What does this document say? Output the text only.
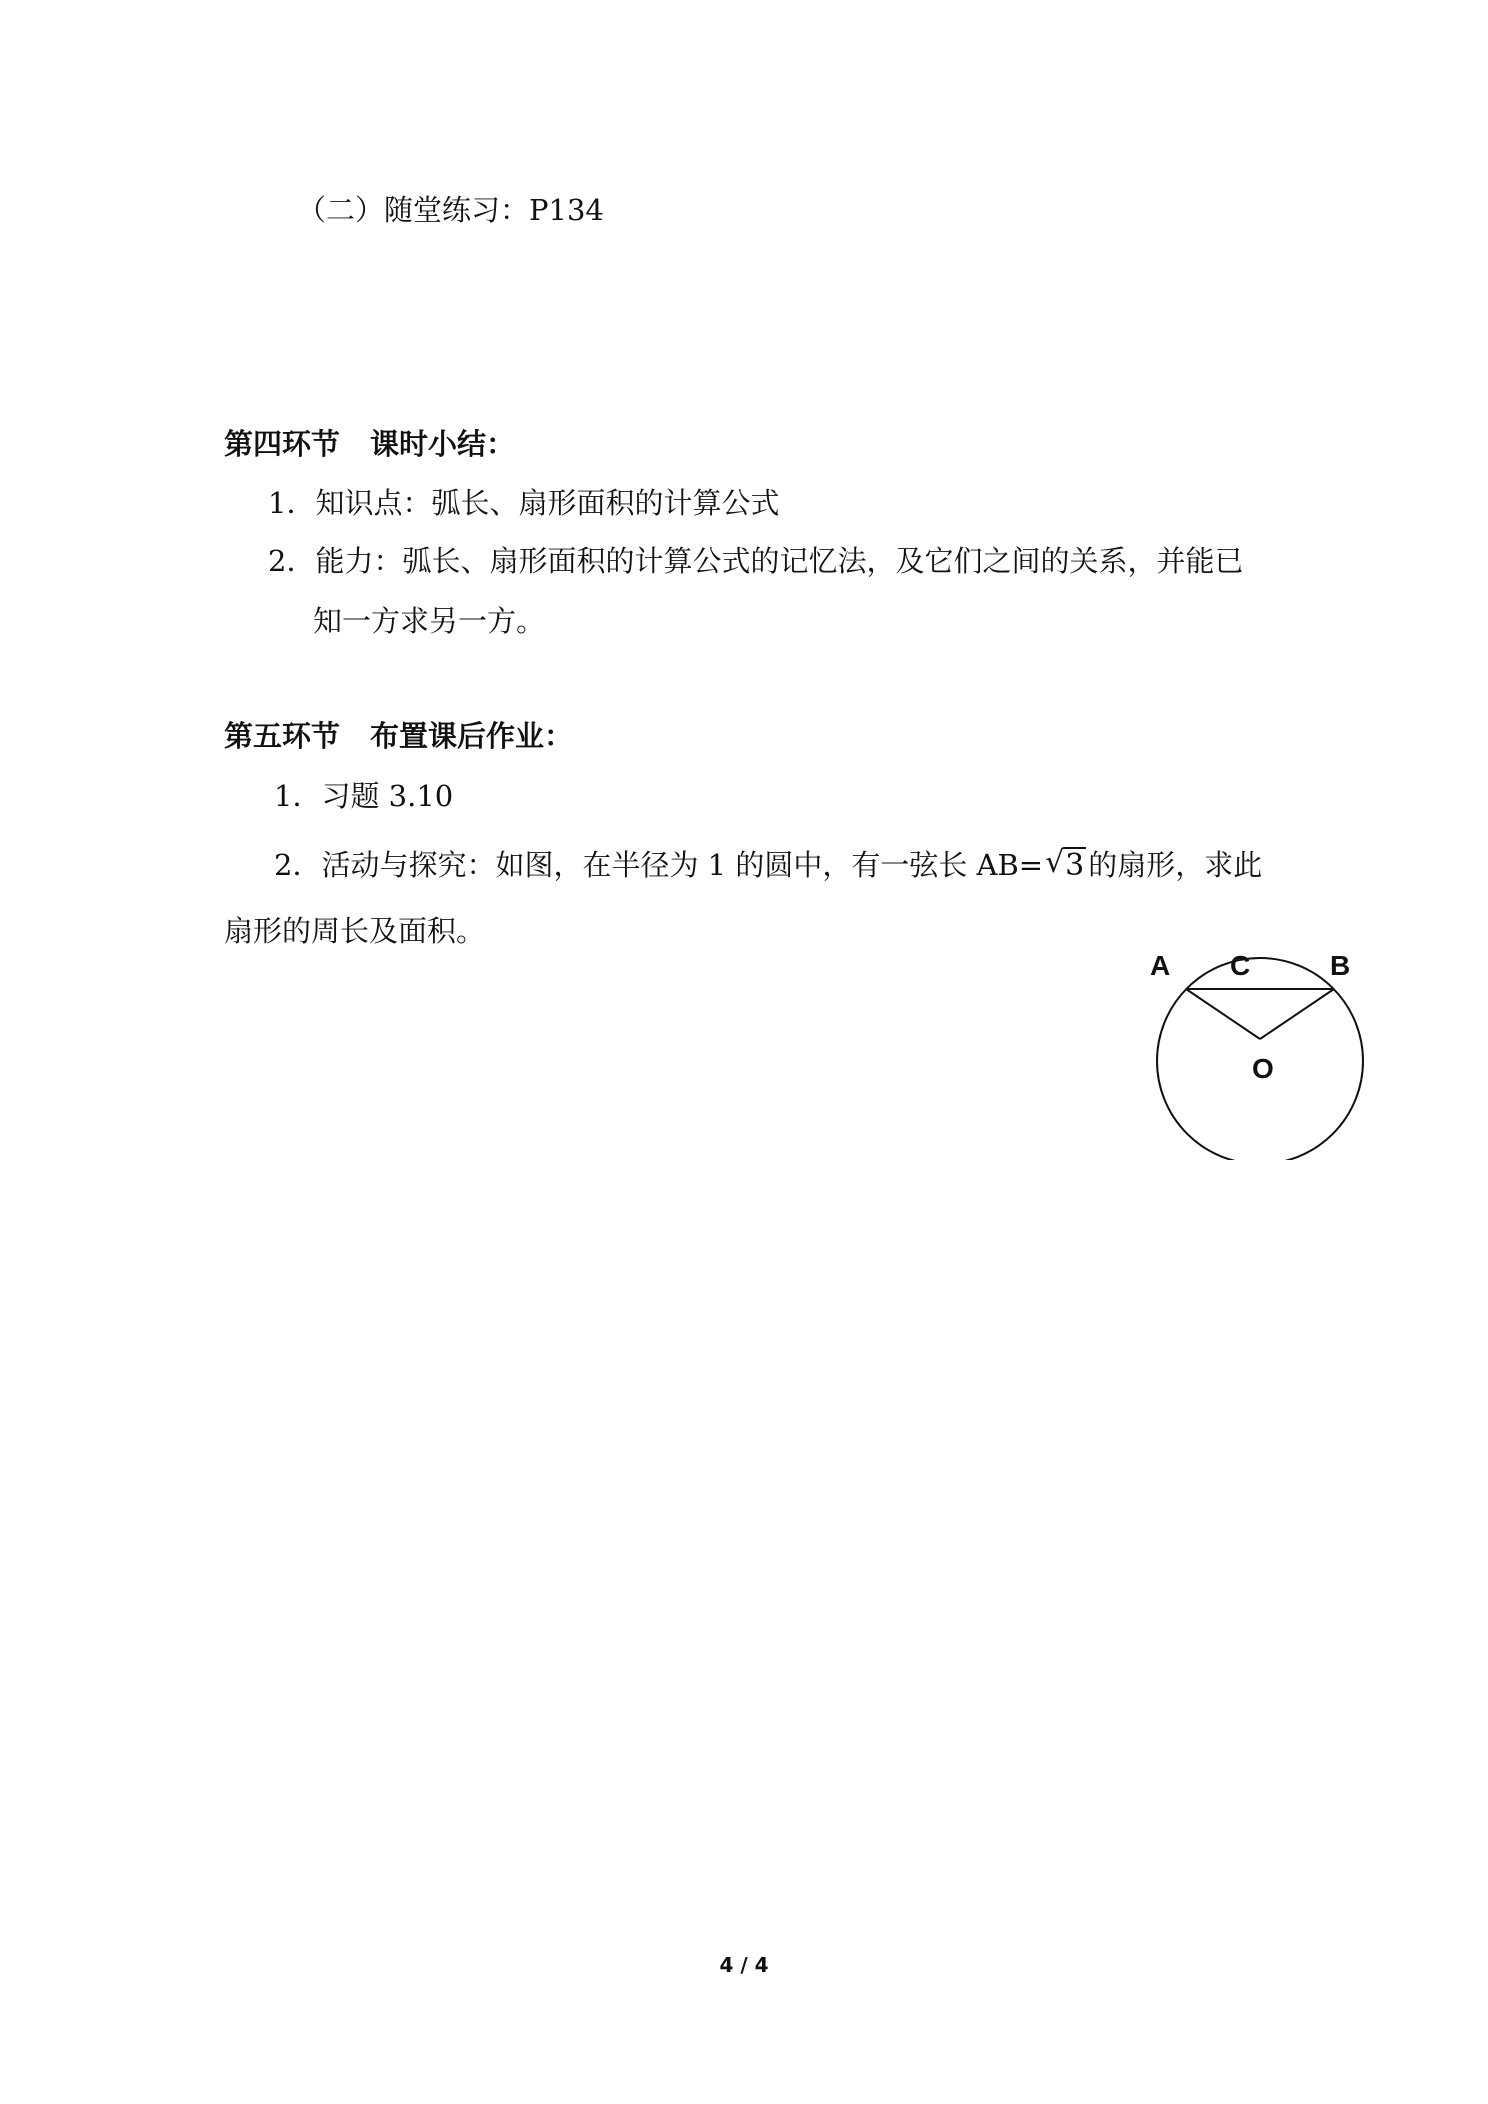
（二）随堂练习：P134
第四环节 课时小结：
1．知识点：弧长、扇形面积的计算公式
2．能力：弧长、扇形面积的计算公式的记忆法，及它们之间的关系，并能已
知一方求另一方。
第五环节 布置课后作业：
1．习题 3.10
2．活动与探究：如图，在半径为 1 的圆中，有一弦长 AB= √ 3 的扇形，求此
扇形的周长及面积。
A C	B
O
4 / 4
